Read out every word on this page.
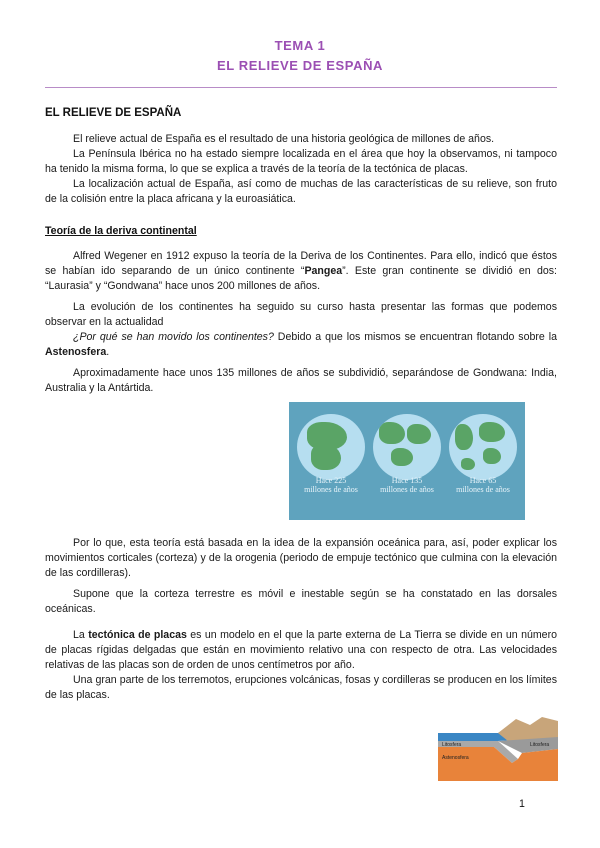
TEMA 1
EL RELIEVE DE ESPAÑA
EL RELIEVE DE ESPAÑA

El relieve actual de España es el resultado de una historia geológica de millones de años.

La Península Ibérica no ha estado siempre localizada en el área que hoy la observamos, ni tampoco ha tenido la misma forma, lo que se explica a través de la teoría de la tectónica de placas.

La localización actual de España, así como de muchas de las características de su relieve, son fruto de la colisión entre la placa africana y la euroasiática.

Teoría de la deriva continental

Alfred Wegener en 1912 expuso la teoría de la Deriva de los Continentes. Para ello, indicó que éstos se habían ido separando de un único continente “Pangea”. Este gran continente se dividió en dos: “Laurasia” y “Gondwana” hace unos 200 millones de años.

La evolución de los continentes ha seguido su curso hasta presentar las formas que podemos observar en la actualidad

¿Por qué se han movido los continentes? Debido a que los mismos se encuentran flotando sobre la Astenosfera.

Aproximadamente hace unos 135 millones de años se subdividió, separándose de Gondwana: India, Australia y la Antártida.

Hace 225
millones de años
Hace 135
millones de años
Hace 65
millones de años

Por lo que, esta teoría está basada en la idea de la expansión oceánica para, así, poder explicar los movimientos corticales (corteza) y de la orogenia (periodo de empuje tectónico que culmina con la elevación de las cordilleras).

Supone que la corteza terrestre es móvil e inestable según se ha constatado en las dorsales oceánicas.

La tectónica de placas es un modelo en el que la parte externa de La Tierra se divide en un número de placas rígidas delgadas que están en movimiento relativo una con respecto de otra. Las velocidades relativas de las placas son de orden de unos centímetros por año.

Una gran parte de los terremotos, erupciones volcánicas, fosas y cordilleras se producen en los límites de las placas.

Litosfera	Litosfera
Astenosfera
1
